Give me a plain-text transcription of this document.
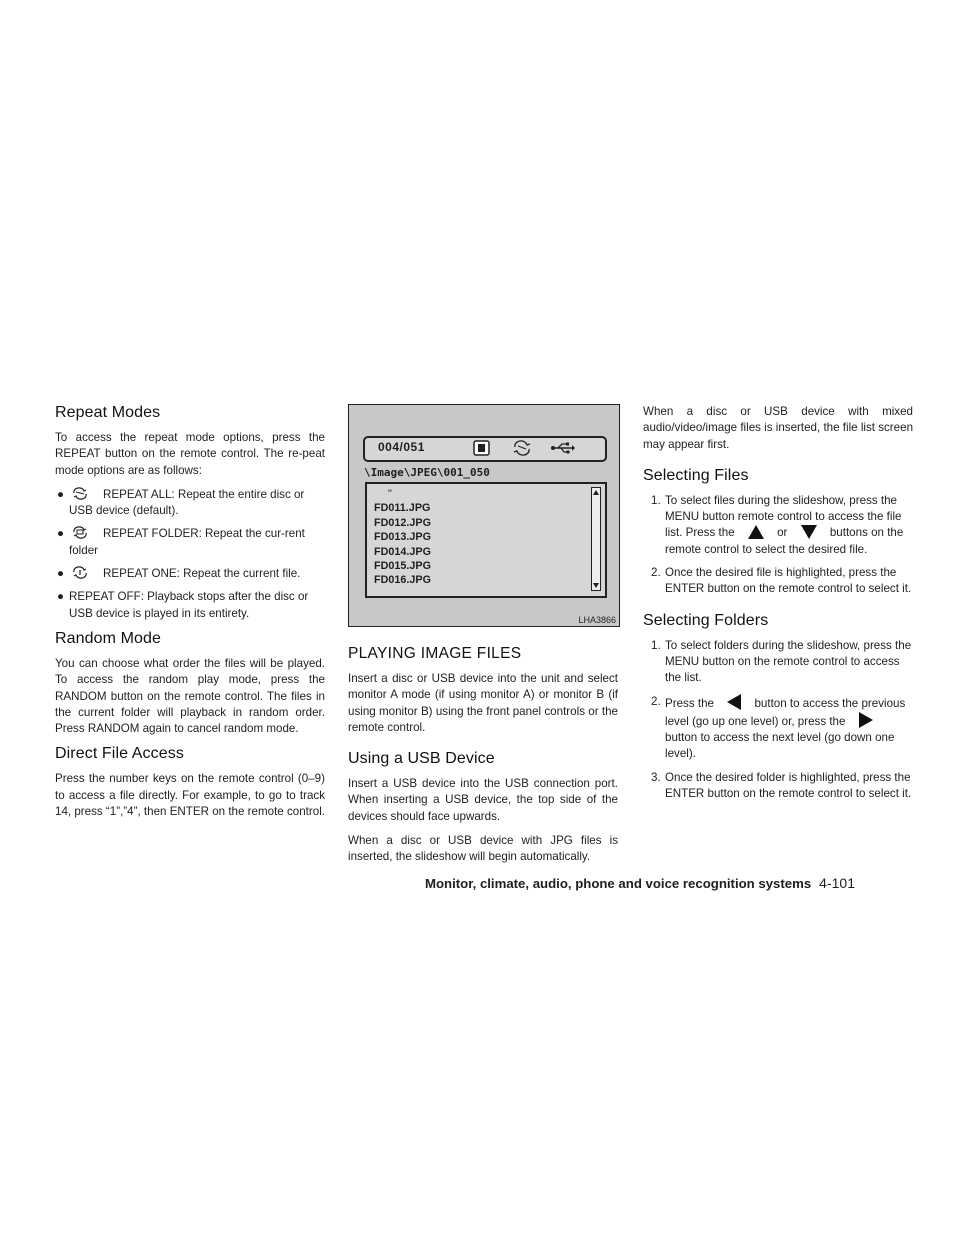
Repeat Modes

To access the repeat mode options, press the REPEAT button on the remote control. The re-peat mode options are as follows:

●	REPEAT ALL: Repeat the entire disc or USB device (default).
●	REPEAT FOLDER: Repeat the cur-rent folder
●	REPEAT ONE: Repeat the current file.
● REPEAT OFF: Playback stops after the disc or USB device is played in its entirety.
Random Mode

You can choose what order the files will be played. To access the random play mode, press the RANDOM button on the remote control. The files in the current folder will playback in random order. Press RANDOM again to cancel random mode.

Direct File Access

Press the number keys on the remote control (0–9) to access a file directly. For example, to go to track 14, press “1”,”4”, then ENTER on the remote control.

004/051
\Image\JPEG\001_050
"
FD011.JPG
FD012.JPG
FD013.JPG
FD014.JPG
FD015.JPG
FD016.JPG
LHA3866
PLAYING IMAGE FILES

Insert a disc or USB device into the unit and select monitor A mode (if using monitor A) or monitor B (if using monitor B) using the front panel controls or the remote control.

Using a USB Device

Insert a USB device into the USB connection port. When inserting a USB device, the top side of the devices should face upwards.

When a disc or USB device with JPG files is inserted, the slideshow will begin automatically.

When a disc or USB device with mixed audio/video/image files is inserted, the file list screen may appear first.

Selecting Files
1. To select files during the slideshow, press the MENU button remote control to access the file list. Press the	or	buttons on the remote control to select the desired file.
2. Once the desired file is highlighted, press the ENTER button on the remote control to select it.
Selecting Folders
1. To select folders during the slideshow, press the MENU button on the remote control to access the list.
2. Press the	button to access the previous level (go up one level) or, press the  button to access the next level (go down one level).
3. Once the desired folder is highlighted, press the ENTER button on the remote control to select it.
Monitor, climate, audio, phone and voice recognition systems 4-101
